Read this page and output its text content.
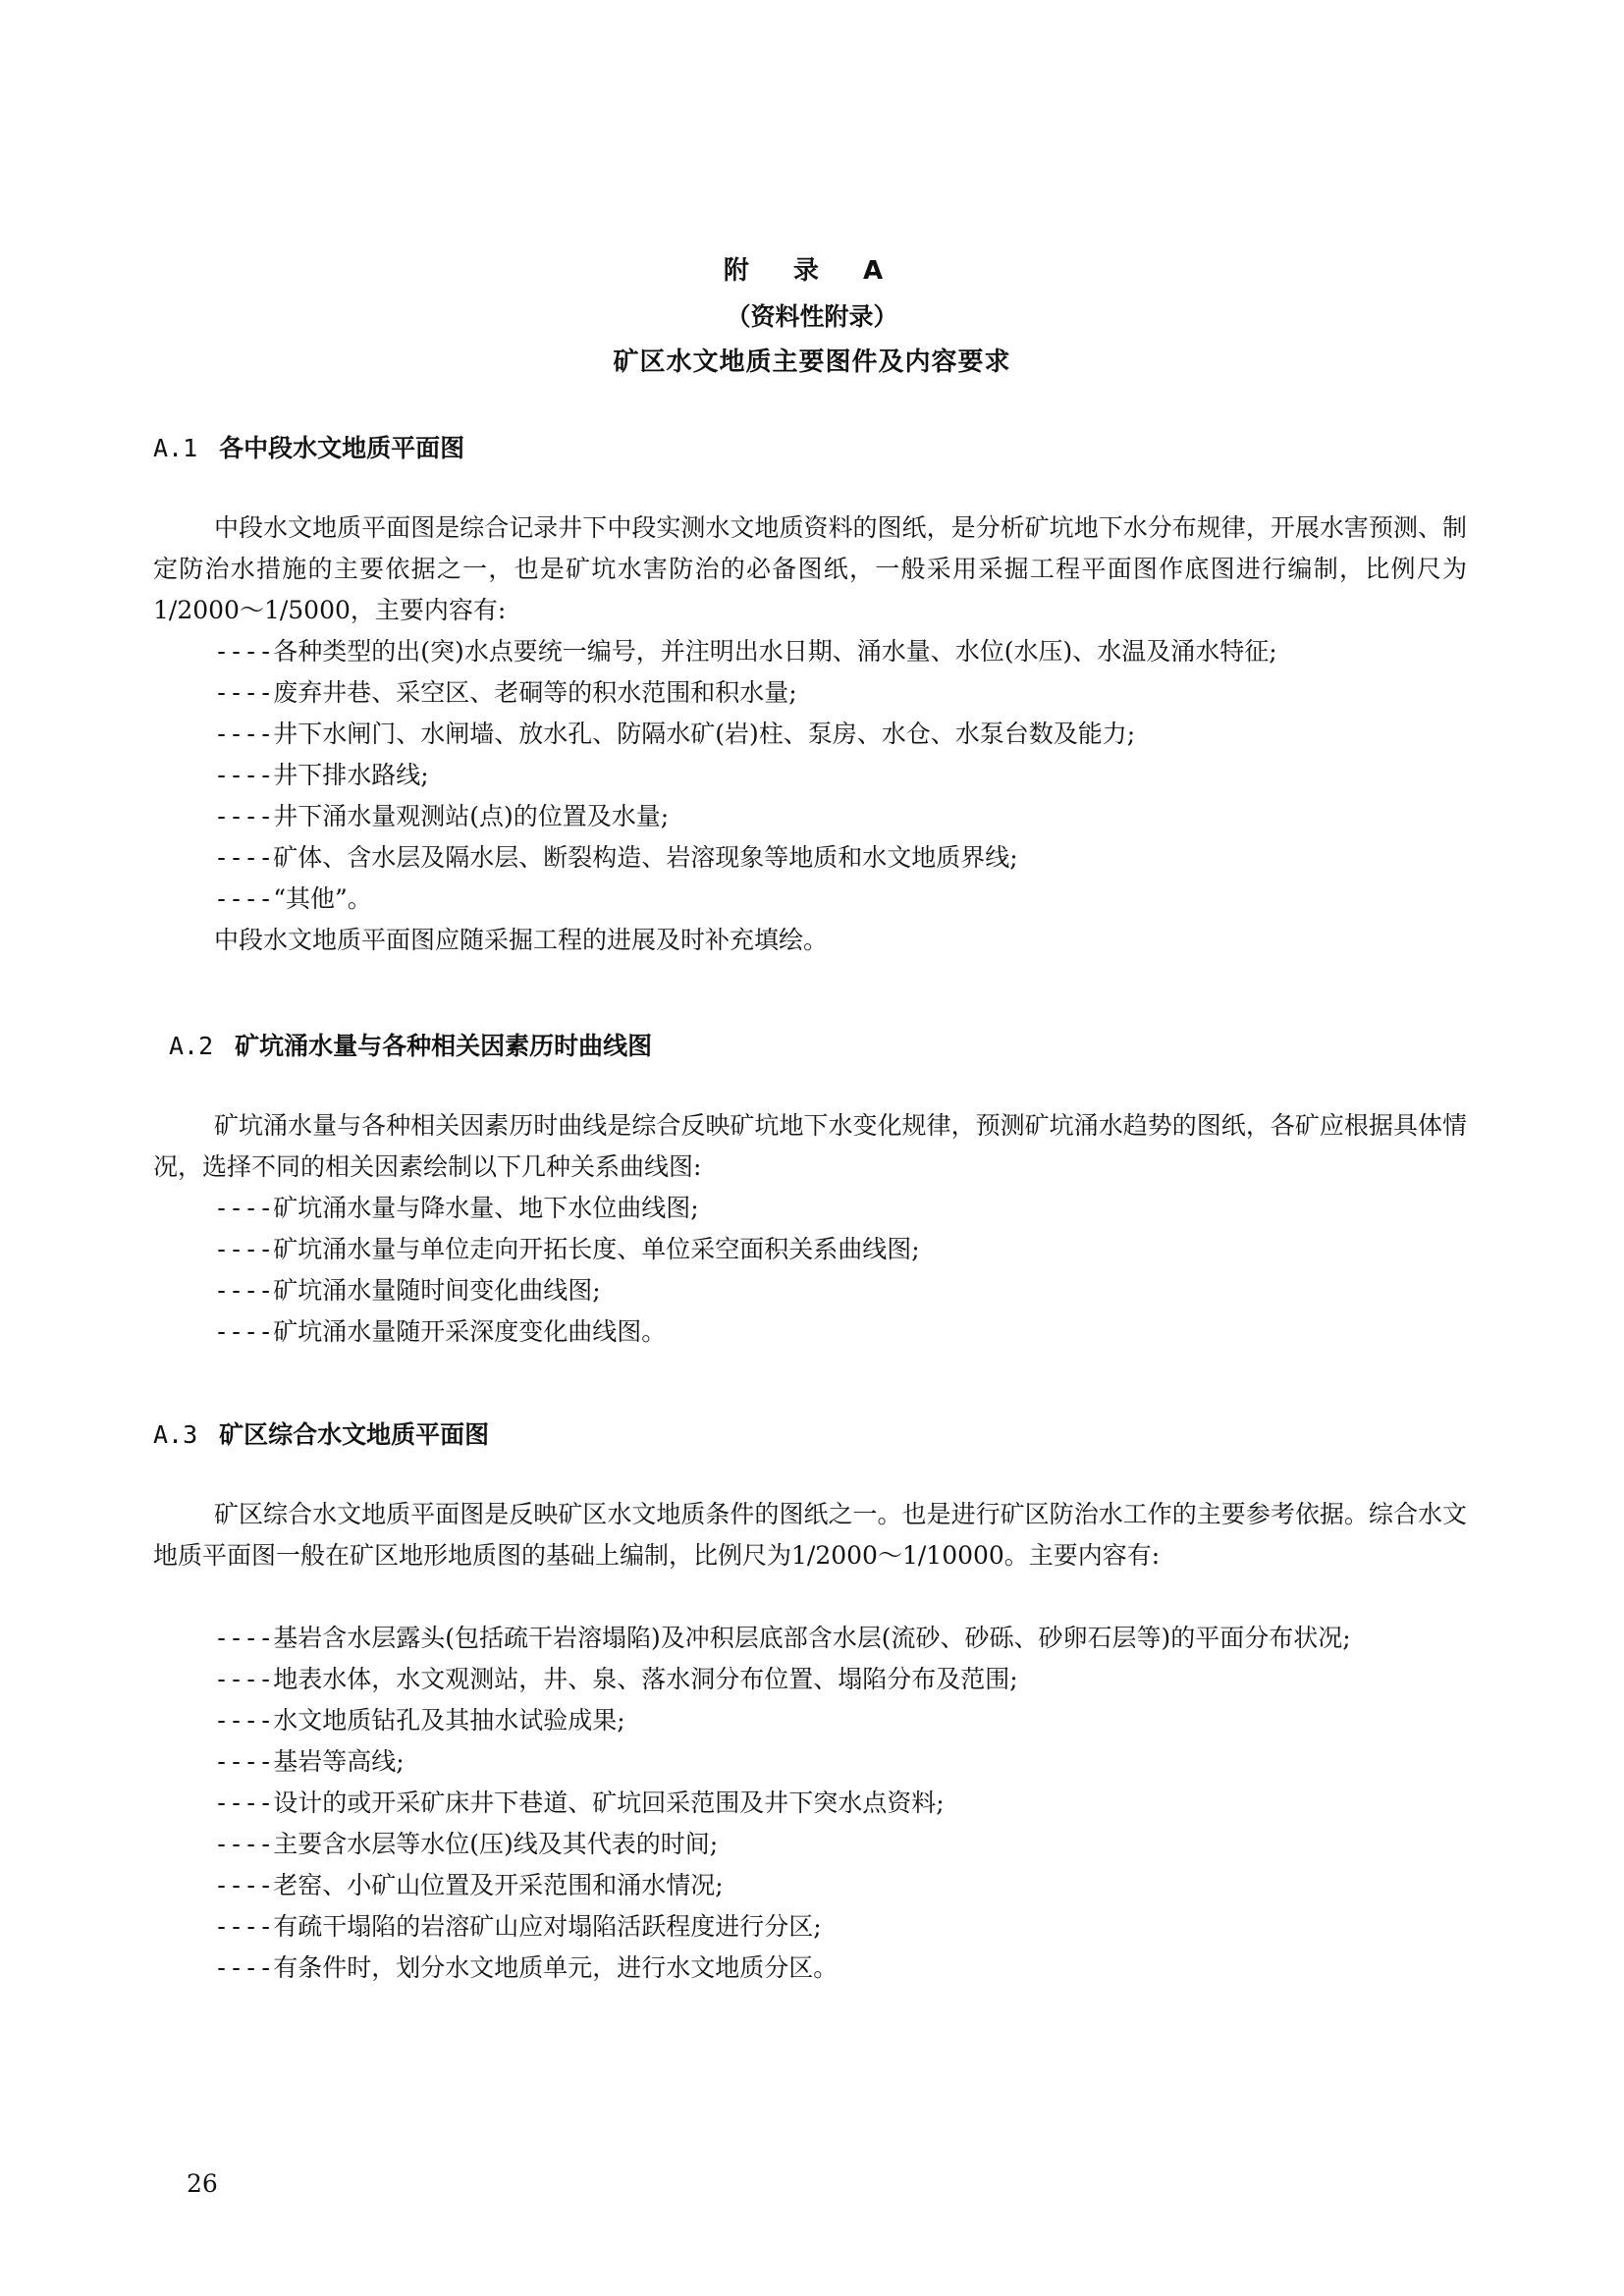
附 录 A
（资料性附录）
矿区水文地质主要图件及内容要求
A.1 各中段水文地质平面图

中段水文地质平面图是综合记录井下中段实测水文地质资料的图纸，是分析矿坑地下水分布规律，开展水害预测、制定防治水措施的主要依据之一，也是矿坑水害防治的必备图纸，一般采用采掘工程平面图作底图进行编制，比例尺为1/2000～1/5000，主要内容有:

----各种类型的出(突)水点要统一编号，并注明出水日期、涌水量、水位(水压)、水温及涌水特征;
----废弃井巷、采空区、老硐等的积水范围和积水量;
----井下水闸门、水闸墙、放水孔、防隔水矿(岩)柱、泵房、水仓、水泵台数及能力;
----井下排水路线;
----井下涌水量观测站(点)的位置及水量;
----矿体、含水层及隔水层、断裂构造、岩溶现象等地质和水文地质界线;
----“其他”。
中段水文地质平面图应随采掘工程的进展及时补充填绘。
A.2 矿坑涌水量与各种相关因素历时曲线图

矿坑涌水量与各种相关因素历时曲线是综合反映矿坑地下水变化规律，预测矿坑涌水趋势的图纸，各矿应根据具体情况，选择不同的相关因素绘制以下几种关系曲线图:

----矿坑涌水量与降水量、地下水位曲线图;
----矿坑涌水量与单位走向开拓长度、单位采空面积关系曲线图;
----矿坑涌水量随时间变化曲线图;
----矿坑涌水量随开采深度变化曲线图。
A.3 矿区综合水文地质平面图

矿区综合水文地质平面图是反映矿区水文地质条件的图纸之一。也是进行矿区防治水工作的主要参考依据。综合水文地质平面图一般在矿区地形地质图的基础上编制，比例尺为1/2000～1/10000。主要内容有:

----基岩含水层露头(包括疏干岩溶塌陷)及冲积层底部含水层(流砂、砂砾、砂卵石层等)的平面分布状况;
----地表水体，水文观测站，井、泉、落水洞分布位置、塌陷分布及范围;
----水文地质钻孔及其抽水试验成果;
----基岩等高线;
----设计的或开采矿床井下巷道、矿坑回采范围及井下突水点资料;
----主要含水层等水位(压)线及其代表的时间;
----老窑、小矿山位置及开采范围和涌水情况;
----有疏干塌陷的岩溶矿山应对塌陷活跃程度进行分区;
----有条件时，划分水文地质单元，进行水文地质分区。
26
